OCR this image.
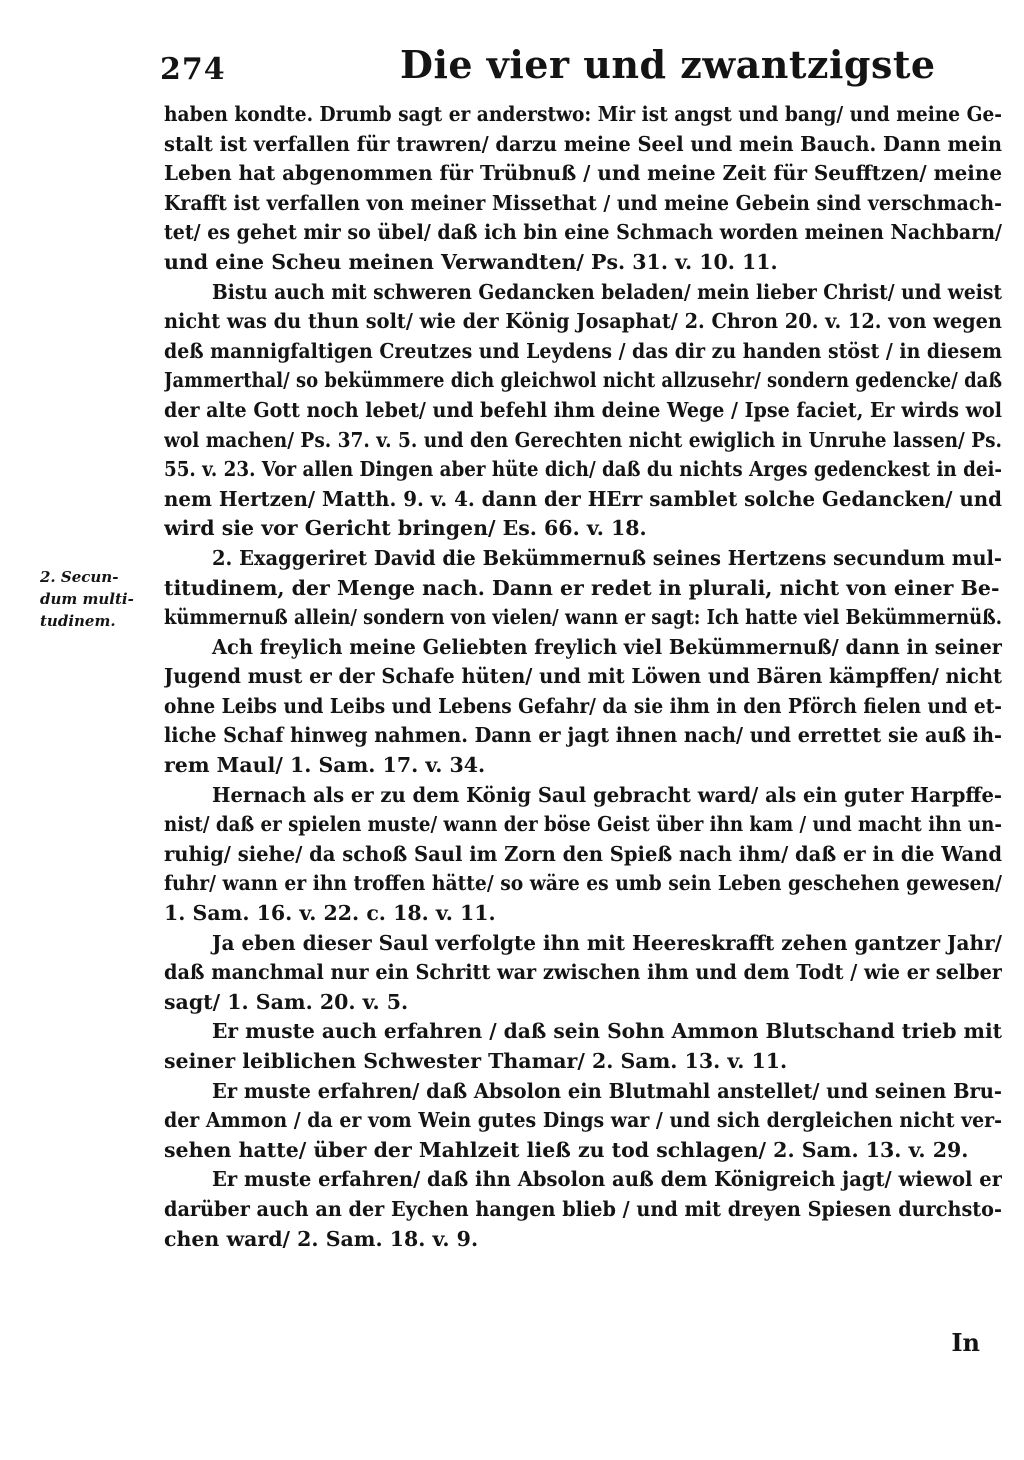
274	Die vier und zwantzigste
2. Secun-
dum multi-
tudinem.
haben kondte. Drumb sagt er anderstwo: Mir ist angst und bang/ und meine Ge-
stalt ist verfallen für trawren/ darzu meine Seel und mein Bauch. Dann mein
Leben hat abgenommen für Trübnuß / und meine Zeit für Seufftzen/ meine
Krafft ist verfallen von meiner Missethat / und meine Gebein sind verschmach-
tet/ es gehet mir so übel/ daß ich bin eine Schmach worden meinen Nachbarn/
und eine Scheu meinen Verwandten/ Ps. 31. v. 10. 11.
Bistu auch mit schweren Gedancken beladen/ mein lieber Christ/ und weist
nicht was du thun solt/ wie der König Josaphat/ 2. Chron 20. v. 12. von wegen
deß mannigfaltigen Creutzes und Leydens / das dir zu handen stöst / in diesem
Jammerthal/ so bekümmere dich gleichwol nicht allzusehr/ sondern gedencke/ daß
der alte Gott noch lebet/ und befehl ihm deine Wege / Ipse faciet, Er wirds wol
wol machen/ Ps. 37. v. 5. und den Gerechten nicht ewiglich in Unruhe lassen/ Ps.
55. v. 23. Vor allen Dingen aber hüte dich/ daß du nichts Arges gedenckest in dei-
nem Hertzen/ Matth. 9. v. 4. dann der HErr samblet solche Gedancken/ und
wird sie vor Gericht bringen/ Es. 66. v. 18.
2. Exaggeriret David die Bekümmernuß seines Hertzens secundum mul-
titudinem, der Menge nach. Dann er redet in plurali, nicht von einer Be-
kümmernuß allein/ sondern von vielen/ wann er sagt: Ich hatte viel Bekümmernüß.
Ach freylich meine Geliebten freylich viel Bekümmernuß/ dann in seiner
Jugend must er der Schafe hüten/ und mit Löwen und Bären kämpffen/ nicht
ohne Leibs und Leibs und Lebens Gefahr/ da sie ihm in den Pförch fielen und et-
liche Schaf hinweg nahmen. Dann er jagt ihnen nach/ und errettet sie auß ih-
rem Maul/ 1. Sam. 17. v. 34.
Hernach als er zu dem König Saul gebracht ward/ als ein guter Harpffe-
nist/ daß er spielen muste/ wann der böse Geist über ihn kam / und macht ihn un-
ruhig/ siehe/ da schoß Saul im Zorn den Spieß nach ihm/ daß er in die Wand
fuhr/ wann er ihn troffen hätte/ so wäre es umb sein Leben geschehen gewesen/
1. Sam. 16. v. 22. c. 18. v. 11.
Ja eben dieser Saul verfolgte ihn mit Heereskrafft zehen gantzer Jahr/
daß manchmal nur ein Schritt war zwischen ihm und dem Todt / wie er selber
sagt/ 1. Sam. 20. v. 5.
Er muste auch erfahren / daß sein Sohn Ammon Blutschand trieb mit
seiner leiblichen Schwester Thamar/ 2. Sam. 13. v. 11.
Er muste erfahren/ daß Absolon ein Blutmahl anstellet/ und seinen Bru-
der Ammon / da er vom Wein gutes Dings war / und sich dergleichen nicht ver-
sehen hatte/ über der Mahlzeit ließ zu tod schlagen/ 2. Sam. 13. v. 29.
Er muste erfahren/ daß ihn Absolon auß dem Königreich jagt/ wiewol er
darüber auch an der Eychen hangen blieb / und mit dreyen Spiesen durchsto-
chen ward/ 2. Sam. 18. v. 9.
In
